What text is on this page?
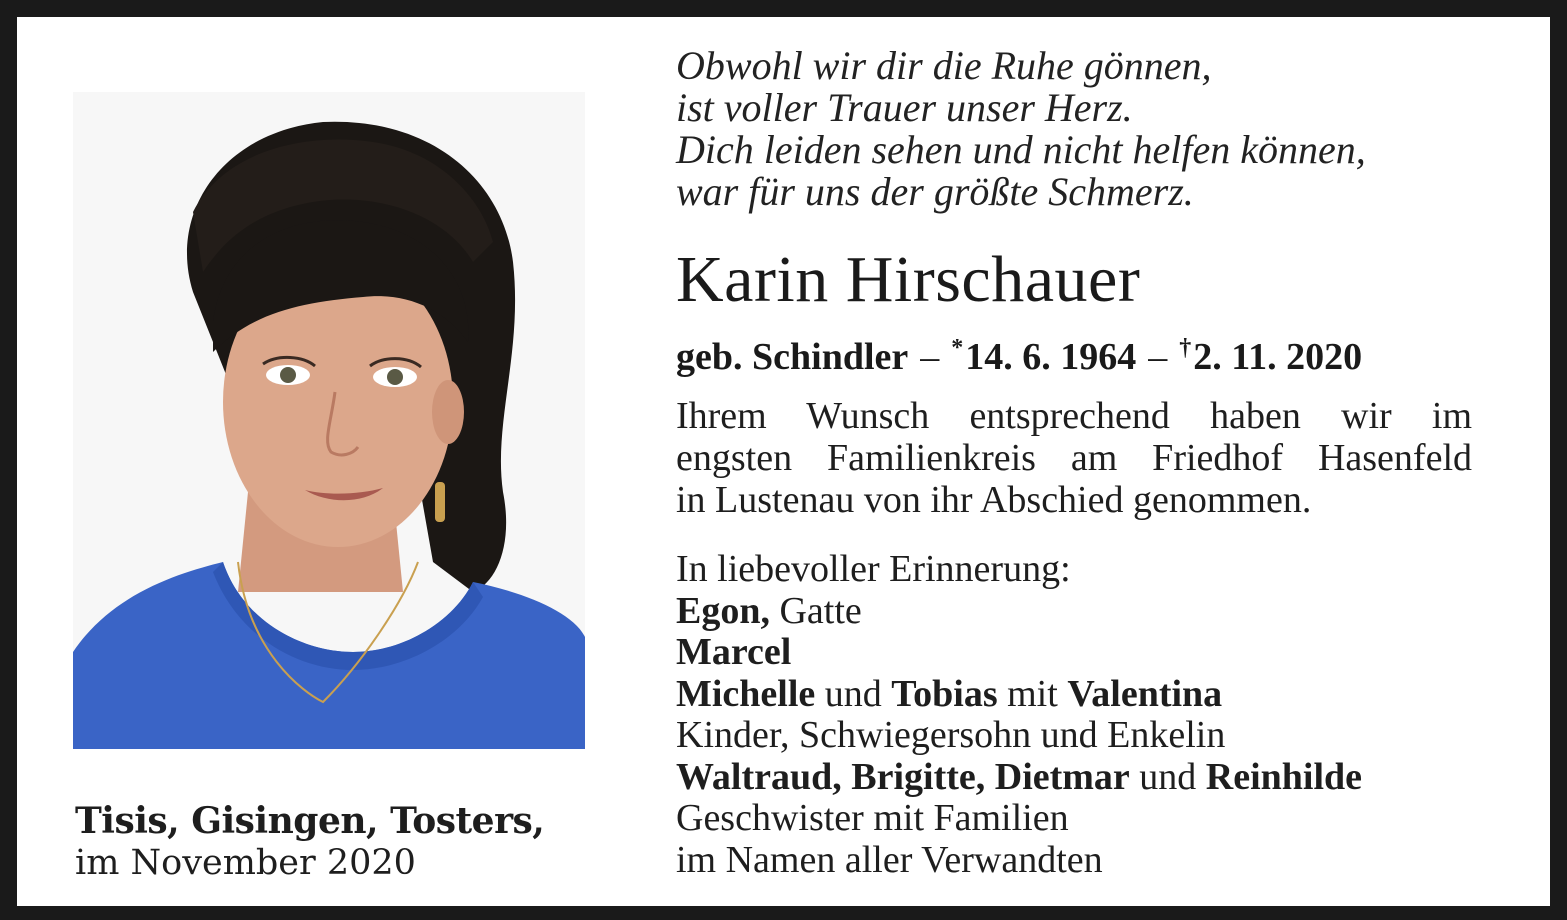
Tisis, Gisingen, Tosters,
im November 2020
Obwohl wir dir die Ruhe gönnen,
ist voller Trauer unser Herz.
Dich leiden sehen und nicht helfen können,
war für uns der größte Schmerz.
Karin Hirschauer
geb. Schindler – *14. 6. 1964 – †2. 11. 2020
Ihrem Wunsch entsprechend haben wir im
engsten Familienkreis am Friedhof Hasenfeld
in Lustenau von ihr Abschied genommen.
In liebevoller Erinnerung:
Egon, Gatte
Marcel
Michelle und Tobias mit Valentina
Kinder, Schwiegersohn und Enkelin
Waltraud, Brigitte, Dietmar und Reinhilde
Geschwister mit Familien
im Namen aller Verwandten
